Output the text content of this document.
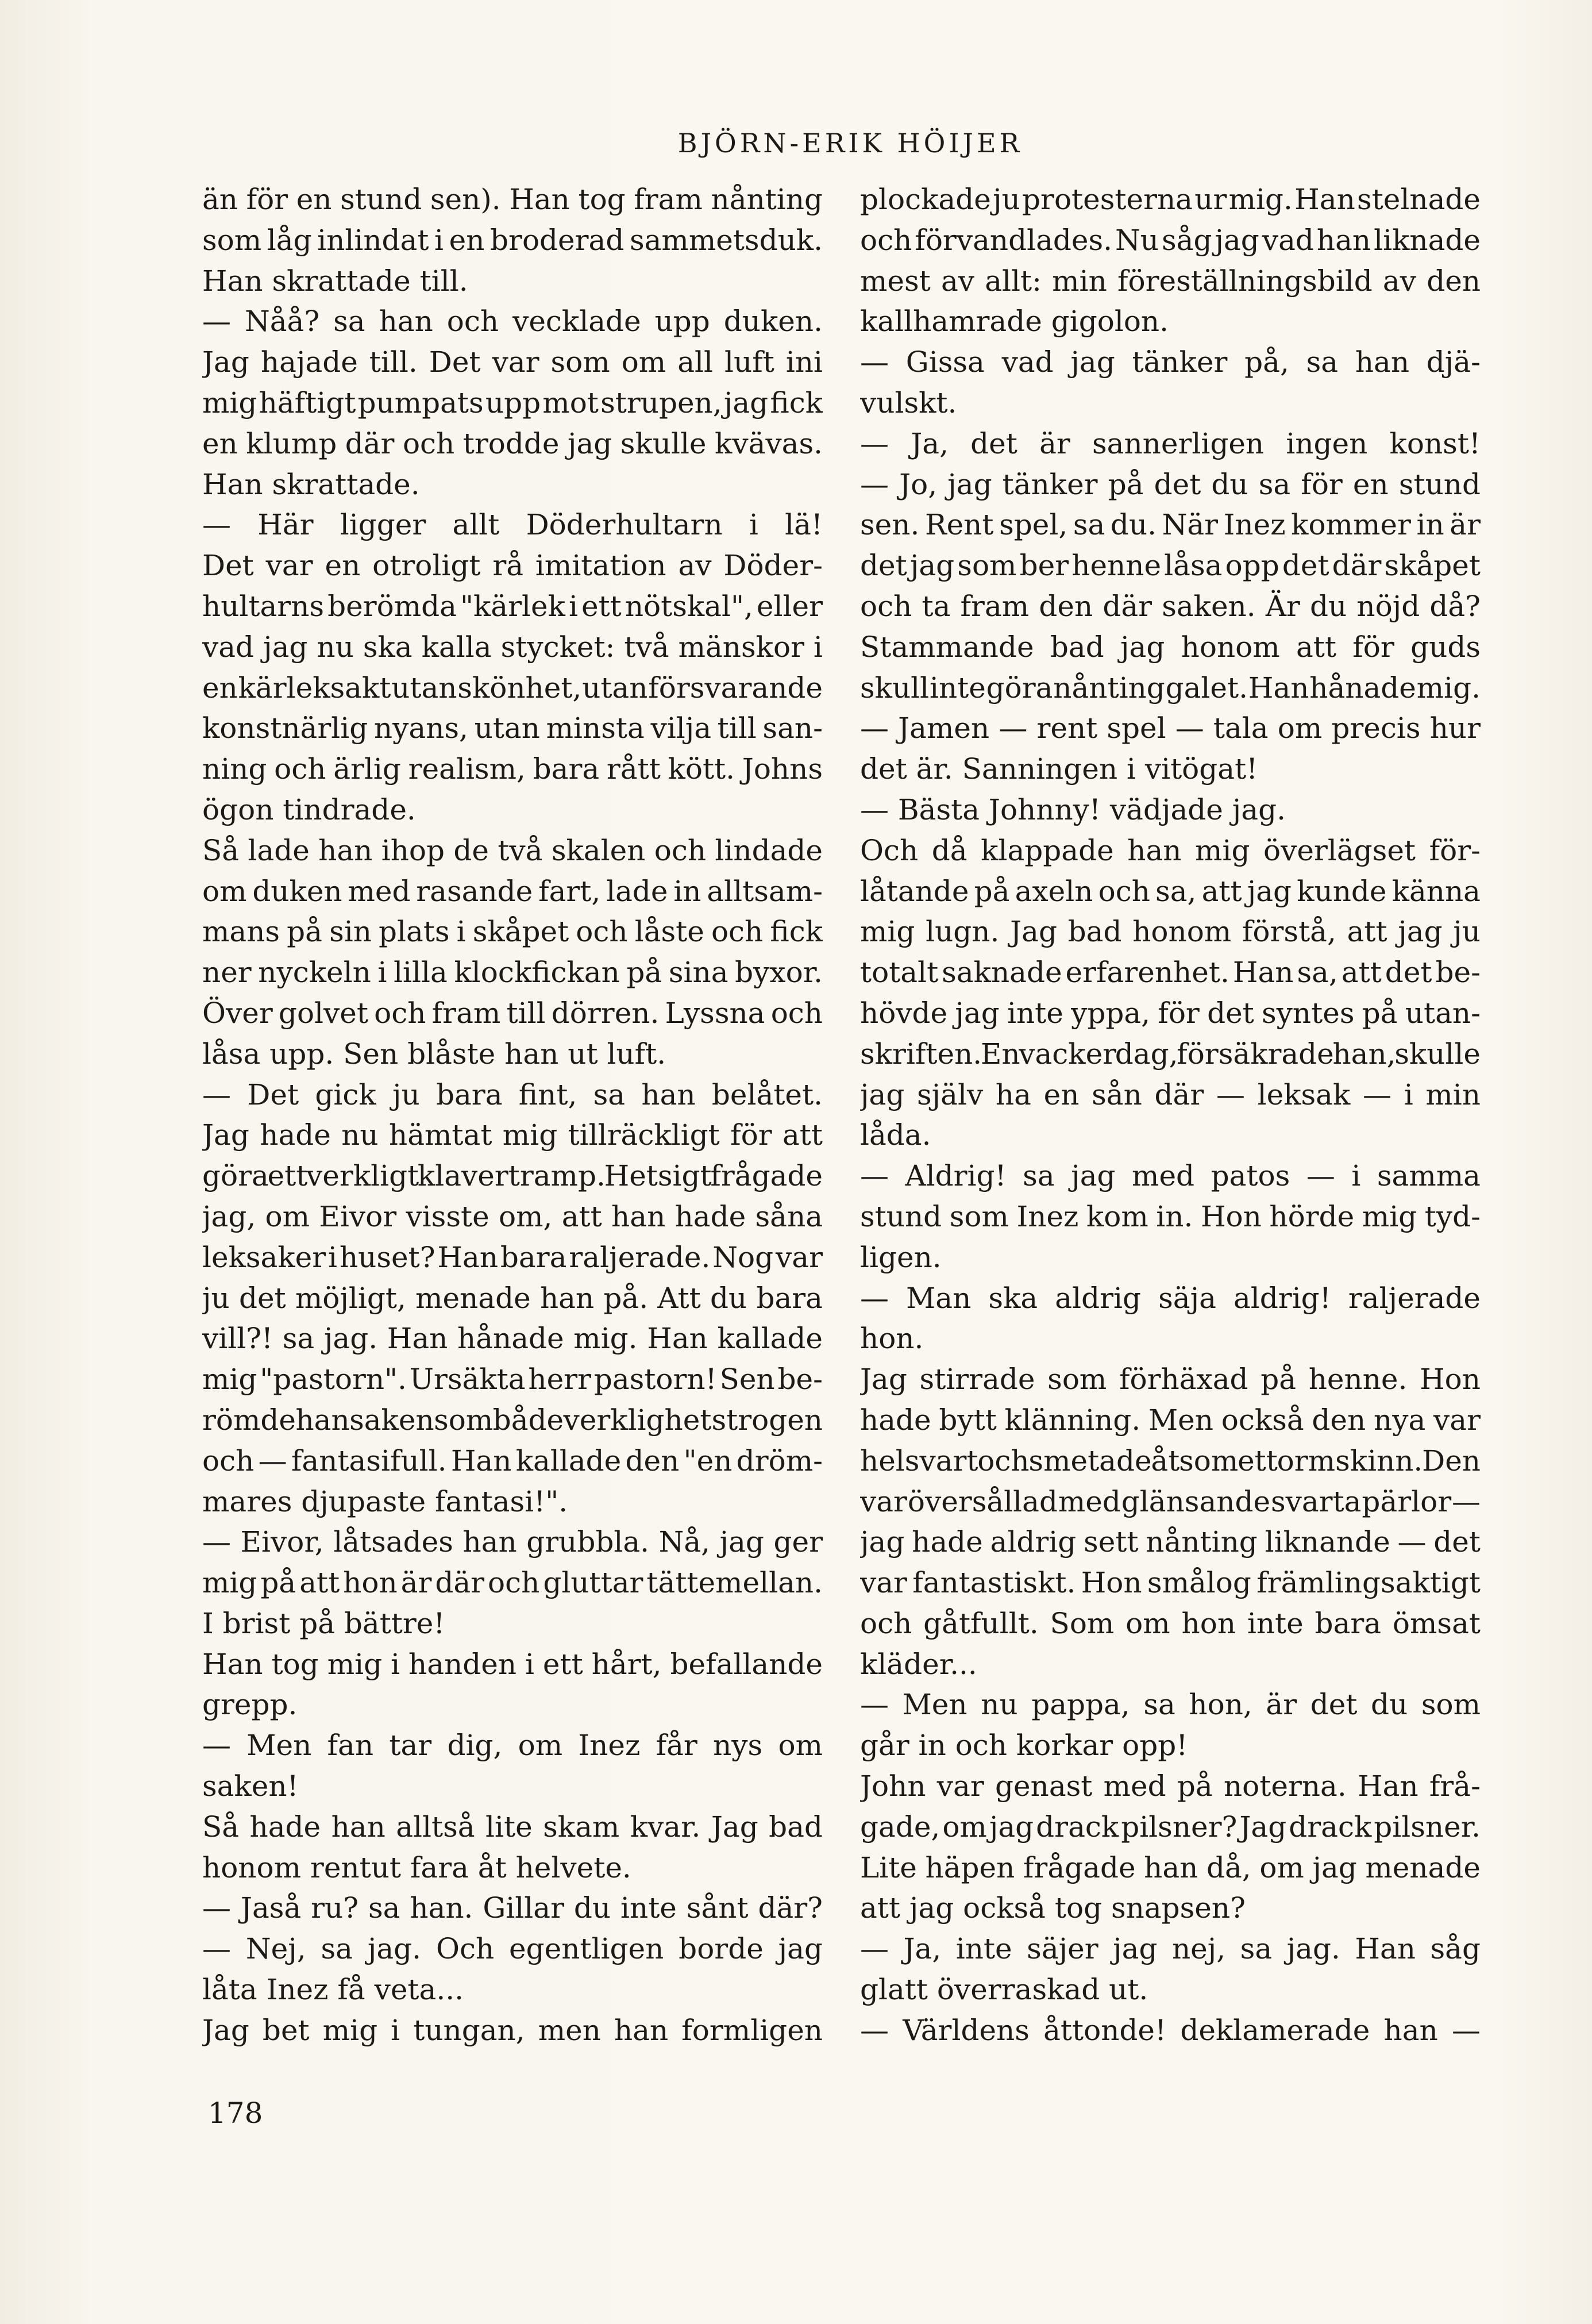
BJÖRN-ERIK HÖIJER
än för en stund sen). Han tog fram nånting
som låg inlindat i en broderad sammetsduk.
Han skrattade till.
— Nåå? sa han och vecklade upp duken.
Jag hajade till. Det var som om all luft ini
mig häftigt pumpats upp mot strupen, jag fick
en klump där och trodde jag skulle kvävas.
Han skrattade.
— Här ligger allt Döderhultarn i lä!
Det var en otroligt rå imitation av Döder-
hultarns berömda "kärlek i ett nötskal", eller
vad jag nu ska kalla stycket: två mänskor i
en kärleksakt utan skönhet, utan försvarande
konstnärlig nyans, utan minsta vilja till san-
ning och ärlig realism, bara rått kött. Johns
ögon tindrade.
Så lade han ihop de två skalen och lindade
om duken med rasande fart, lade in alltsam-
mans på sin plats i skåpet och låste och fick
ner nyckeln i lilla klockfickan på sina byxor.
Över golvet och fram till dörren. Lyssna och
låsa upp. Sen blåste han ut luft.
— Det gick ju bara fint, sa han belåtet.
Jag hade nu hämtat mig tillräckligt för att
göra ett verkligt klavertramp. Hetsigt frågade
jag, om Eivor visste om, att han hade såna
leksaker i huset? Han bara raljerade. Nog var
ju det möjligt, menade han på. Att du bara
vill?! sa jag. Han hånade mig. Han kallade
mig "pastorn". Ursäkta herr pastorn! Sen be-
römde han saken som både verklighetstrogen
och — fantasifull. Han kallade den "en dröm-
mares djupaste fantasi!".
— Eivor, låtsades han grubbla. Nå, jag ger
mig på att hon är där och gluttar tättemellan.
I brist på bättre!
Han tog mig i handen i ett hårt, befallande
grepp.
— Men fan tar dig, om Inez får nys om
saken!
Så hade han alltså lite skam kvar. Jag bad
honom rentut fara åt helvete.
— Jaså ru? sa han. Gillar du inte sånt där?
— Nej, sa jag. Och egentligen borde jag
låta Inez få veta...
Jag bet mig i tungan, men han formligen
plockade ju protesterna ur mig. Han stelnade
och förvandlades. Nu såg jag vad han liknade
mest av allt: min föreställningsbild av den
kallhamrade gigolon.
— Gissa vad jag tänker på, sa han djä-
vulskt.
— Ja, det är sannerligen ingen konst!
— Jo, jag tänker på det du sa för en stund
sen. Rent spel, sa du. När Inez kommer in är
det jag som ber henne låsa opp det där skåpet
och ta fram den där saken. Är du nöjd då?
Stammande bad jag honom att för guds
skull inte göra nånting galet. Han hånade mig.
— Jamen — rent spel — tala om precis hur
det är. Sanningen i vitögat!
— Bästa Johnny! vädjade jag.
Och då klappade han mig överlägset för-
låtande på axeln och sa, att jag kunde känna
mig lugn. Jag bad honom förstå, att jag ju
totalt saknade erfarenhet. Han sa, att det be-
hövde jag inte yppa, för det syntes på utan-
skriften. En vacker dag, försäkrade han, skulle
jag själv ha en sån där — leksak — i min
låda.
— Aldrig! sa jag med patos — i samma
stund som Inez kom in. Hon hörde mig tyd-
ligen.
— Man ska aldrig säja aldrig! raljerade
hon.
Jag stirrade som förhäxad på henne. Hon
hade bytt klänning. Men också den nya var
helsvart och smetade åt som ett ormskinn. Den
var översållad med glänsande svarta pärlor —
jag hade aldrig sett nånting liknande — det
var fantastiskt. Hon smålog främlingsaktigt
och gåtfullt. Som om hon inte bara ömsat
kläder...
— Men nu pappa, sa hon, är det du som
går in och korkar opp!
John var genast med på noterna. Han frå-
gade, om jag drack pilsner? Jag drack pilsner.
Lite häpen frågade han då, om jag menade
att jag också tog snapsen?
— Ja, inte säjer jag nej, sa jag. Han såg
glatt överraskad ut.
— Världens åttonde! deklamerade han —
178
